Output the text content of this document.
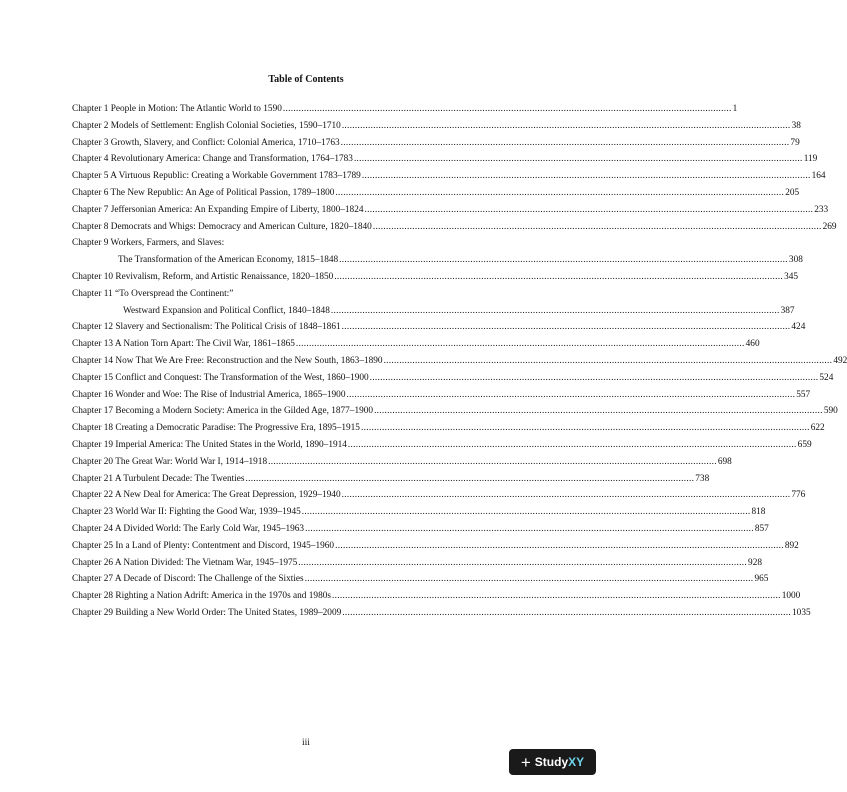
Table of Contents
Chapter 1 People in Motion: The Atlantic World to 1590 ........................................................................................................................................................................... 1
Chapter 2 Models of Settlement: English Colonial Societies, 1590–1710 ........................................................................................................................................................................... 38
Chapter 3 Growth, Slavery, and Conflict: Colonial America, 1710–1763 ........................................................................................................................................................................... 79
Chapter 4 Revolutionary America: Change and Transformation, 1764–1783 ........................................................................................................................................................................... 119
Chapter 5 A Virtuous Republic: Creating a Workable Government 1783–1789 ........................................................................................................................................................................... 164
Chapter 6 The New Republic: An Age of Political Passion, 1789–1800 ........................................................................................................................................................................... 205
Chapter 7 Jeffersonian America: An Expanding Empire of Liberty, 1800–1824 ........................................................................................................................................................................... 233
Chapter 8 Democrats and Whigs: Democracy and American Culture, 1820–1840 ........................................................................................................................................................................... 269
Chapter 9 Workers, Farmers, and Slaves:
The Transformation of the American Economy, 1815–1848 ........................................................................................................................................................................... 308
Chapter 10 Revivalism, Reform, and Artistic Renaissance, 1820–1850 ........................................................................................................................................................................... 345
Chapter 11 “To Overspread the Continent:”
Westward Expansion and Political Conflict, 1840–1848 ........................................................................................................................................................................... 387
Chapter 12 Slavery and Sectionalism: The Political Crisis of 1848–1861 ........................................................................................................................................................................... 424
Chapter 13 A Nation Torn Apart: The Civil War, 1861–1865 ........................................................................................................................................................................... 460
Chapter 14 Now That We Are Free: Reconstruction and the New South, 1863–1890 ........................................................................................................................................................................... 492
Chapter 15 Conflict and Conquest: The Transformation of the West, 1860–1900 ........................................................................................................................................................................... 524
Chapter 16 Wonder and Woe: The Rise of Industrial America, 1865–1900 ........................................................................................................................................................................... 557
Chapter 17 Becoming a Modern Society: America in the Gilded Age, 1877–1900 ........................................................................................................................................................................... 590
Chapter 18 Creating a Democratic Paradise: The Progressive Era, 1895–1915 ........................................................................................................................................................................... 622
Chapter 19 Imperial America: The United States in the World, 1890–1914 ........................................................................................................................................................................... 659
Chapter 20 The Great War: World War I, 1914–1918 ........................................................................................................................................................................... 698
Chapter 21 A Turbulent Decade: The Twenties ........................................................................................................................................................................... 738
Chapter 22 A New Deal for America: The Great Depression, 1929–1940 ........................................................................................................................................................................... 776
Chapter 23 World War II: Fighting the Good War, 1939–1945 ........................................................................................................................................................................... 818
Chapter 24 A Divided World: The Early Cold War, 1945–1963 ........................................................................................................................................................................... 857
Chapter 25 In a Land of Plenty: Contentment and Discord, 1945–1960 ........................................................................................................................................................................... 892
Chapter 26 A Nation Divided: The Vietnam War, 1945–1975 ........................................................................................................................................................................... 928
Chapter 27 A Decade of Discord: The Challenge of the Sixties ........................................................................................................................................................................... 965
Chapter 28 Righting a Nation Adrift: America in the 1970s and 1980s ........................................................................................................................................................................... 1000
Chapter 29 Building a New World Order: The United States, 1989–2009 ........................................................................................................................................................................... 1035
iii
+ Study XY
